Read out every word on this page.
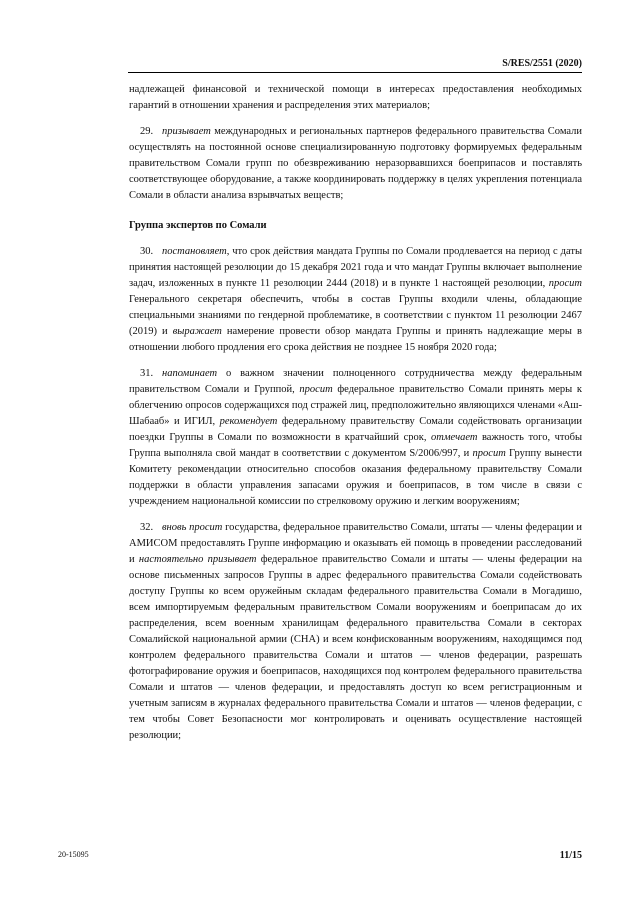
S/RES/2551 (2020)

надлежащей финансовой и технической помощи в интересах предоставления необходимых гарантий в отношении хранения и распределения этих материалов;

29. призывает международных и региональных партнеров федерального правительства Сомали осуществлять на постоянной основе специализированную подготовку формируемых федеральным правительством Сомали групп по обезвреживанию неразорвавшихся боеприпасов и поставлять соответствующее оборудование, а также координировать поддержку в целях укрепления потенциала Сомали в области анализа взрывчатых веществ;

Группа экспертов по Сомали

30. постановляет, что срок действия мандата Группы по Сомали продлевается на период с даты принятия настоящей резолюции до 15 декабря 2021 года и что мандат Группы включает выполнение задач, изложенных в пункте 11 резолюции 2444 (2018) и в пункте 1 настоящей резолюции, просит Генерального секретаря обеспечить, чтобы в состав Группы входили члены, обладающие специальными знаниями по гендерной проблематике, в соответствии с пунктом 11 резолюции 2467 (2019) и выражает намерение провести обзор мандата Группы и принять надлежащие меры в отношении любого продления его срока действия не позднее 15 ноября 2020 года;

31. напоминает о важном значении полноценного сотрудничества между федеральным правительством Сомали и Группой, просит федеральное правительство Сомали принять меры к облегчению опросов содержащихся под стражей лиц, предположительно являющихся членами «Аш-Шабааб» и ИГИЛ, рекомендует федеральному правительству Сомали содействовать организации поездки Группы в Сомали по возможности в кратчайший срок, отмечает важность того, чтобы Группа выполняла свой мандат в соответствии с документом S/2006/997, и просит Группу вынести Комитету рекомендации относительно способов оказания федеральному правительству Сомали поддержки в области управления запасами оружия и боеприпасов, в том числе в связи с учреждением национальной комиссии по стрелковому оружию и легким вооружениям;

32. вновь просит государства, федеральное правительство Сомали, штаты — члены федерации и АМИСОМ предоставлять Группе информацию и оказывать ей помощь в проведении расследований и настоятельно призывает федеральное правительство Сомали и штаты — члены федерации на основе письменных запросов Группы в адрес федерального правительства Сомали содействовать доступу Группы ко всем оружейным складам федерального правительства Сомали в Могадишо, всем импортируемым федеральным правительством Сомали вооружениям и боеприпасам до их распределения, всем военным хранилищам федерального правительства Сомали в секторах Сомалийской национальной армии (СНА) и всем конфискованным вооружениям, находящимся под контролем федерального правительства Сомали и штатов — членов федерации, разрешать фотографирование оружия и боеприпасов, находящихся под контролем федерального правительства Сомали и штатов — членов федерации, и предоставлять доступ ко всем регистрационным и учетным записям в журналах федерального правительства Сомали и штатов — членов федерации, с тем чтобы Совет Безопасности мог контролировать и оценивать осуществление настоящей резолюции;

20-15095	11/15
